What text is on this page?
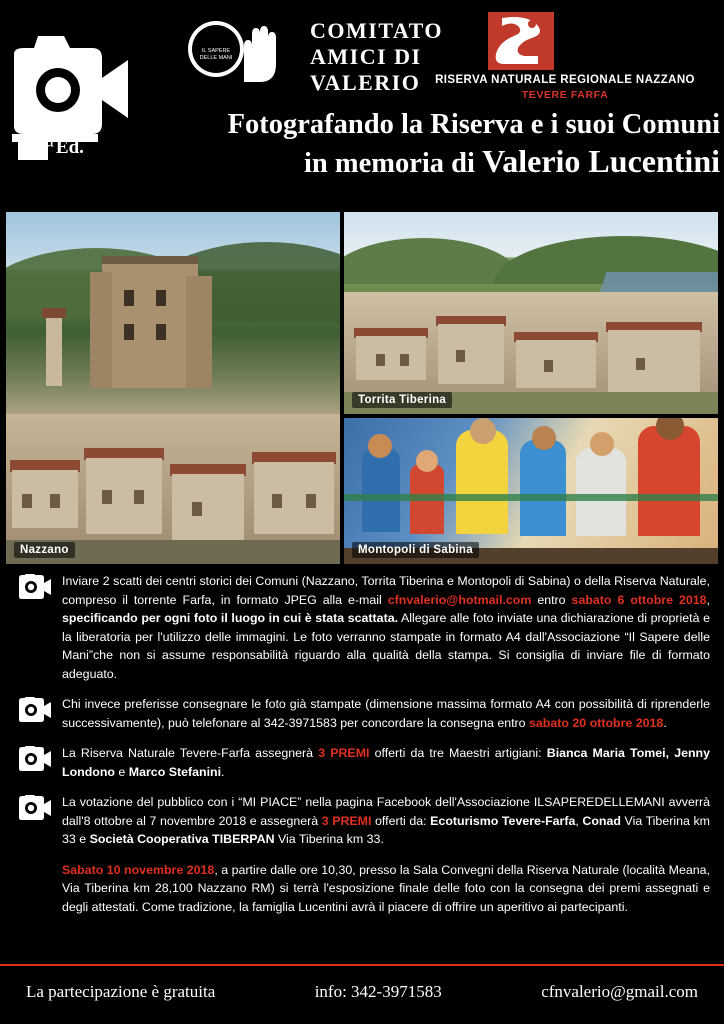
8a Ed.
IL SAPERE
DELLE MANI
COMITATO
AMICI DI
VALERIO	RISERVA NATURALE REGIONALE NAZZANO
TEVERE FARFA
Fotografando la Riserva e i suoi Comuni
in memoria di Valerio Lucentini
Nazzano
Torrita Tiberina
Montopoli di Sabina
Inviare 2 scatti dei centri storici dei Comuni (Nazzano, Torrita Tiberina e Montopoli di Sabina) o della Riserva Naturale, compreso il torrente Farfa, in formato JPEG alla e-mail cfnvalerio@hotmail.com entro sabato 6 ottobre 2018, specificando per ogni foto il luogo in cui è stata scattata. Allegare alle foto inviate una dichiarazione di proprietà e la liberatoria per l'utilizzo delle immagini. Le foto verranno stampate in formato A4 dall'Associazione “Il Sapere delle Mani”che non si assume responsabilità riguardo alla qualità della stampa. Si consiglia di inviare file di formato adeguato.
Chi invece preferisse consegnare le foto già stampate (dimensione massima formato A4 con possibilità di riprenderle successivamente), può telefonare al 342-3971583 per concordare la consegna entro sabato 20 ottobre 2018.
La Riserva Naturale Tevere-Farfa assegnerà 3 PREMI offerti da tre Maestri artigiani: Bianca Maria Tomei, Jenny Londono e Marco Stefanini.
La votazione del pubblico con i “MI PIACE” nella pagina Facebook dell'Associazione ILSAPEREDELLEMANI avverrà dall'8 ottobre al 7 novembre 2018 e assegnerà 3 PREMI offerti da: Ecoturismo Tevere-Farfa, Conad Via Tiberina km 33 e Società Cooperativa TIBERPAN Via Tiberina km 33.
Sabato 10 novembre 2018, a partire dalle ore 10,30, presso la Sala Convegni della Riserva Naturale (località Meana, Via Tiberina km 28,100 Nazzano RM) si terrà l'esposizione finale delle foto con la consegna dei premi assegnati e degli attestati. Come tradizione, la famiglia Lucentini avrà il piacere di offrire un aperitivo ai partecipanti.
La partecipazione è gratuita	info: 342-3971583	cfnvalerio@gmail.com
